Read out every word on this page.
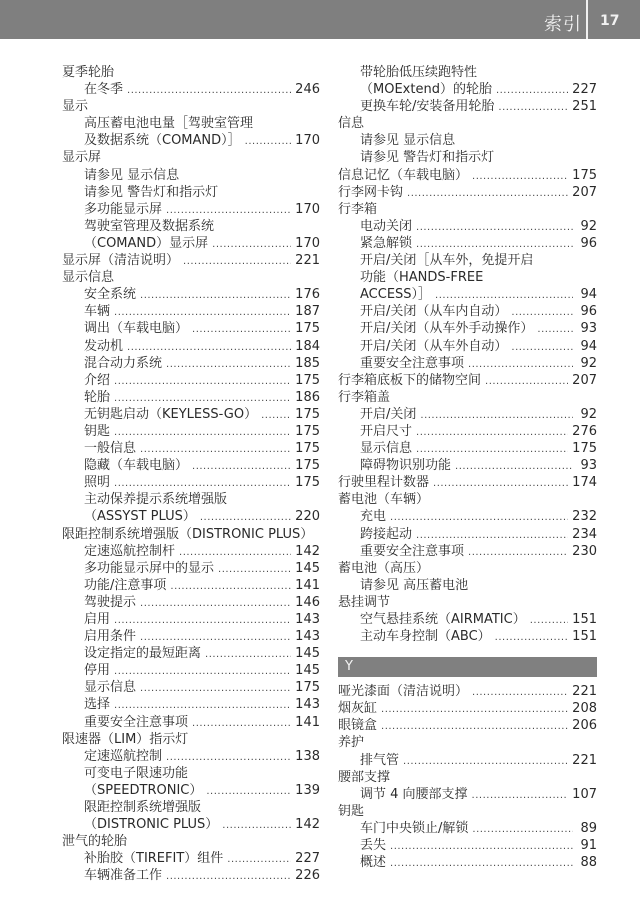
索引 17
夏季轮胎
在冬季 .....	246
显示
高压蓄电池电量［驾驶室管理
及数据系统（COMAND）］ .....	170
显示屏
请参见 显示信息
请参见 警告灯和指示灯
多功能显示屏 .....	170
驾驶室管理及数据系统
（COMAND）显示屏 .....	170
显示屏（清洁说明） .....	221
显示信息
安全系统 .....	176
车辆 .....	187
调出（车载电脑） .....	175
发动机 .....	184
混合动力系统 .....	185
介绍 .....	175
轮胎 .....	186
无钥匙启动（KEYLESS-GO） .....	175
钥匙 .....	175
一般信息 .....	175
隐藏（车载电脑） .....	175
照明 .....	175
主动保养提示系统增强版
（ASSYST PLUS） .....	220
限距控制系统增强版（DISTRONIC PLUS）
定速巡航控制杆 .....	142
多功能显示屏中的显示 .....	145
功能/注意事项 .....	141
驾驶提示 .....	146
启用 .....	143
启用条件 .....	143
设定指定的最短距离 .....	145
停用 .....	145
显示信息 .....	175
选择 .....	143
重要安全注意事项 .....	141
限速器（LIM）指示灯
定速巡航控制 .....	138
可变电子限速功能
（SPEEDTRONIC） .....	139
限距控制系统增强版
（DISTRONIC PLUS） .....	142
泄气的轮胎
补胎胶（TIREFIT）组件 .....	227
车辆准备工作 .....	226
带轮胎低压续跑特性
（MOExtend）的轮胎 .....	227
更换车轮/安装备用轮胎 .....	251
信息
请参见 显示信息
请参见 警告灯和指示灯
信息记忆（车载电脑） .....	175
行李网卡钩 .....	207
行李箱
电动关闭 .....	92
紧急解锁 .....	96
开启/关闭［从车外，免提开启
功能（HANDS-FREE
ACCESS）］ .....	94
开启/关闭（从车内自动） .....	96
开启/关闭（从车外手动操作） .....	93
开启/关闭（从车外自动） .....	94
重要安全注意事项 .....	92
行李箱底板下的储物空间 .....	207
行李箱盖
开启/关闭 .....	92
开启尺寸 .....	276
显示信息 .....	175
障碍物识别功能 .....	93
行驶里程计数器 .....	174
蓄电池（车辆）
充电 .....	232
跨接起动 .....	234
重要安全注意事项 .....	230
蓄电池（高压）
请参见 高压蓄电池
悬挂调节
空气悬挂系统（AIRMATIC） .....	151
主动车身控制（ABC） .....	151
Y
哑光漆面（清洁说明） .....	221
烟灰缸 .....	208
眼镜盒 .....	206
养护
排气管 .....	221
腰部支撑
调节 4 向腰部支撑 .....	107
钥匙
车门中央锁止/解锁 .....	89
丢失 .....	91
概述 .....	88
